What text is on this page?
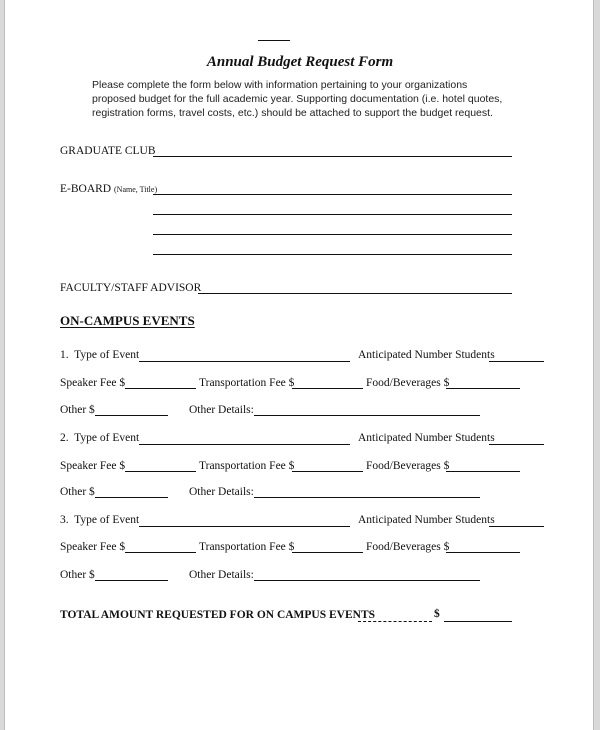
Annual Budget Request Form
Please complete the form below with information pertaining to your organizations proposed budget for the full academic year. Supporting documentation (i.e. hotel quotes, registration forms, travel costs, etc.) should be attached to support the budget request.
GRADUATE CLUB
E-BOARD (Name, Title)
FACULTY/STAFF ADVISOR
ON-CAMPUS EVENTS
1. Type of Event	Anticipated Number Students
Speaker Fee $	Transportation Fee $	Food/Beverages $
Other $	Other Details:
2. Type of Event	Anticipated Number Students
Speaker Fee $	Transportation Fee $	Food/Beverages $
Other $	Other Details:
3. Type of Event	Anticipated Number Students
Speaker Fee $	Transportation Fee $	Food/Beverages $
Other $	Other Details:
TOTAL AMOUNT REQUESTED FOR ON CAMPUS EVENTS	$
